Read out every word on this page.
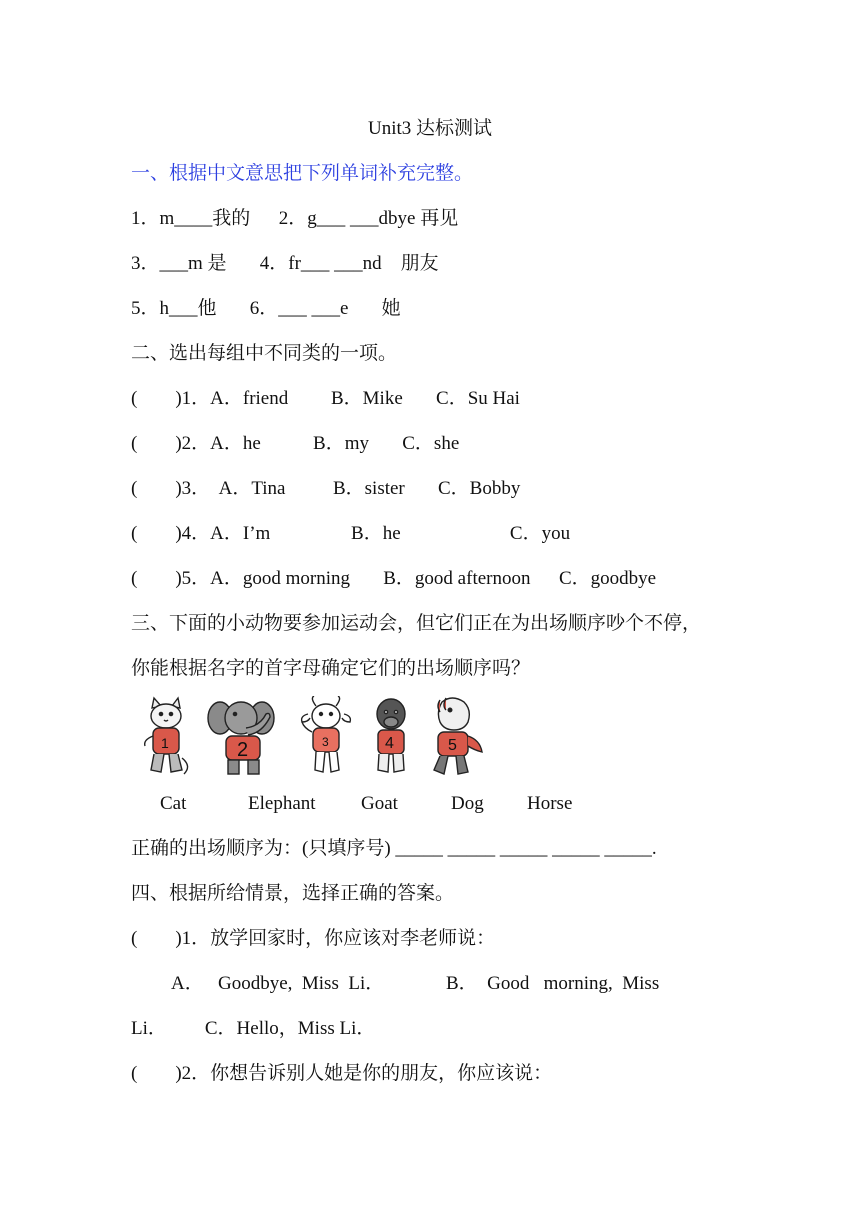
Unit3 达标测试
一、根据中文意思把下列单词补充完整。
1．m____我的      2．g___ ___dbye 再见
3．___m 是       4．fr___ ___nd    朋友
5．h___他       6．___ ___e       她
二、选出每组中不同类的一项。
(        )1．A．friend         B．Mike       C．Su Hai
(        )2．A．he           B．my       C．she
(        )3．  A．Tina          B．sister       C．Bobby
(        )4．A．I’m                 B．he                       C．you
(        )5．A．good morning       B．good afternoon      C．goodbye
三、下面的小动物要参加运动会，但它们正在为出场顺序吵个不停，
你能根据名字的首字母确定它们的出场顺序吗？
1	2	3	4	5
Cat	Elephant Goat	Dog Horse
正确的出场顺序为：(只填序号) _____ _____ _____ _____ _____.
四、根据所给情景，选择正确的答案。
(        )1．放学回家时，你应该对李老师说：
A．   Goodbye,  Miss  Li．             B．  Good   morning,  Miss
Li．        C．Hello，Miss Li．
(        )2．你想告诉别人她是你的朋友，你应该说：
